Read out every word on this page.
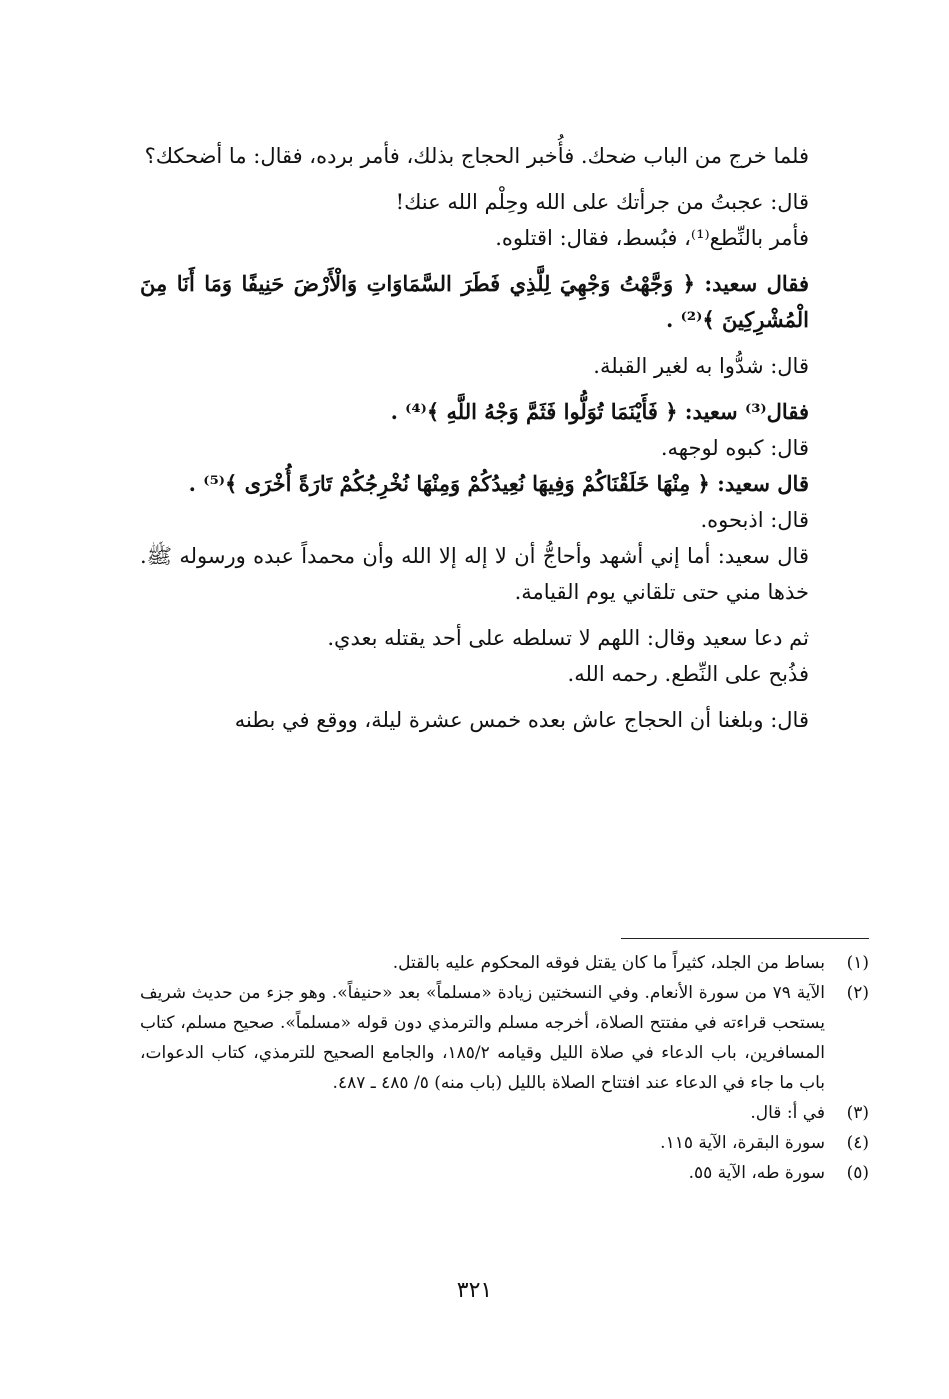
فلما خرج من الباب ضحك. فأُخبر الحجاج بذلك، فأمر برده، فقال: ما أضحكك؟

قال: عجبتُ من جرأتك على الله وحِلْم الله عنك!

فأمر بالنِّطع⁽¹⁾، فبُسط، فقال: اقتلوه.

فقال سعيد: ﴿ وَجَّهْتُ وَجْهِيَ لِلَّذِي فَطَرَ السَّمَاوَاتِ وَالْأَرْضَ حَنِيفًا وَمَا أَنَا مِنَ الْمُشْرِكِينَ ﴾⁽²⁾ .

قال: شدُّوا به لغير القبلة.

فقال⁽³⁾ سعيد: ﴿ فَأَيْنَمَا تُوَلُّوا فَثَمَّ وَجْهُ اللَّهِ ﴾⁽⁴⁾ .

قال: كبوه لوجهه.

قال سعيد: ﴿ مِنْهَا خَلَقْنَاكُمْ وَفِيهَا نُعِيدُكُمْ وَمِنْهَا نُخْرِجُكُمْ تَارَةً أُخْرَى ﴾⁽⁵⁾ .

قال: اذبحوه.

قال سعيد: أما إني أشهد وأحاجُّ أن لا إله إلا الله وأن محمداً عبده ورسوله ﷺ. خذها مني حتى تلقاني يوم القيامة.

ثم دعا سعيد وقال: اللهم لا تسلطه على أحد يقتله بعدي.

فذُبح على النِّطع. رحمه الله.

قال: وبلغنا أن الحجاج عاش بعده خمس عشرة ليلة، ووقع في بطنه

(١)
بساط من الجلد، كثيراً ما كان يقتل فوقه المحكوم عليه بالقتل.
(٢)
الآية ٧٩ من سورة الأنعام. وفي النسختين زيادة «مسلماً» بعد «حنيفاً». وهو جزء من حديث شريف يستحب قراءته في مفتتح الصلاة، أخرجه مسلم والترمذي دون قوله «مسلماً». صحيح مسلم، كتاب المسافرين، باب الدعاء في صلاة الليل وقيامه ١٨٥/٢، والجامع الصحيح للترمذي، كتاب الدعوات، باب ما جاء في الدعاء عند افتتاح الصلاة بالليل (باب منه) ٥/ ٤٨٥ ـ ٤٨٧.
(٣)
في أ: قال.
(٤)
سورة البقرة، الآية ١١٥.
(٥)
سورة طه، الآية ٥٥.
٣٢١
